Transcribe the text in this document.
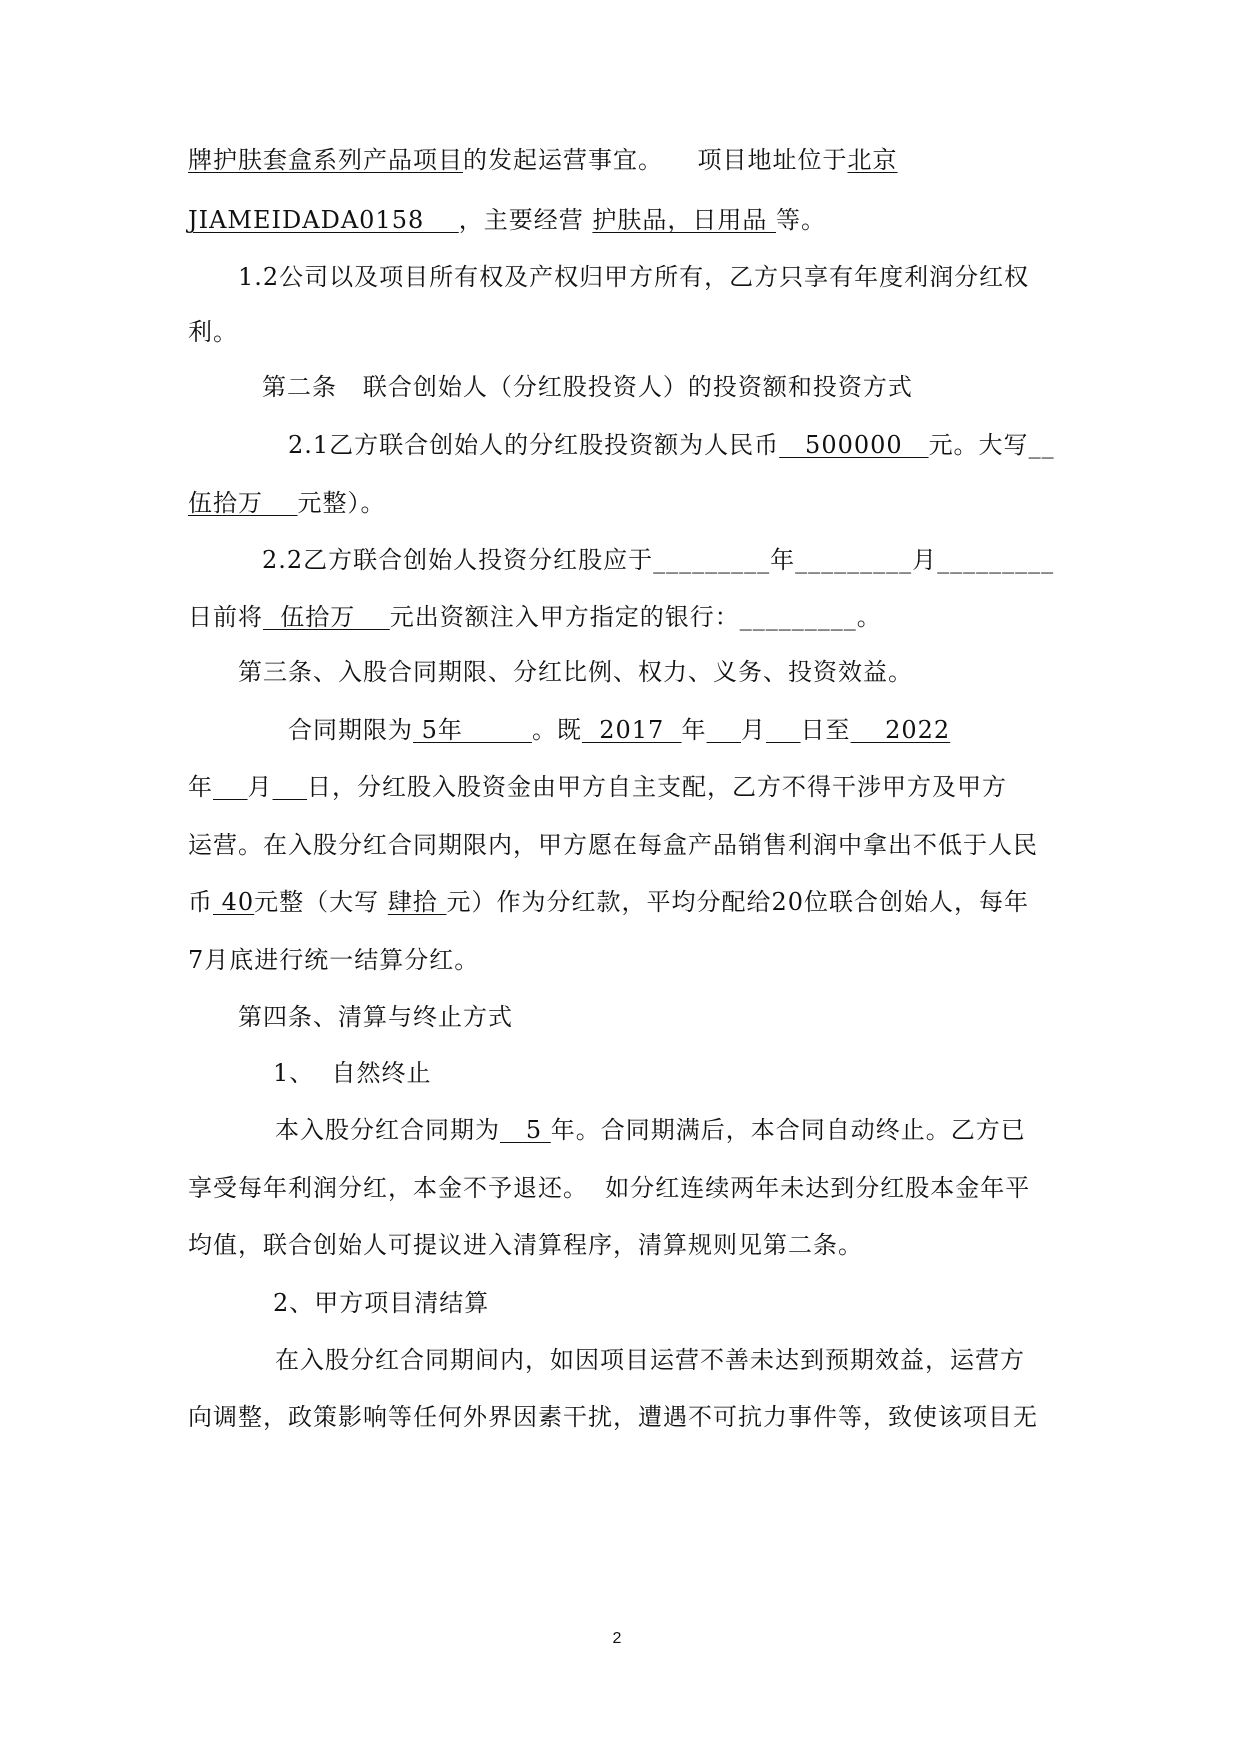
牌护肤套盒系列产品项目的发起运营事宜。    项目地址位于北京
JIAMEIDADA0158    ，主要经营 护肤品，日用品 等。
1.2公司以及项目所有权及产权归甲方所有，乙方只享有年度利润分红权
利。
第二条   联合创始人（分红股投资人）的投资额和投资方式
2.1乙方联合创始人的分红股投资额为人民币   500000   元。大写__
伍拾万    元整）。
2.2乙方联合创始人投资分红股应于_________年_________月_________
日前将  伍拾万    元出资额注入甲方指定的银行：_________。
第三条、入股合同期限、分红比例、权力、义务、投资效益。
合同期限为 5年        。既  2017  年 月 日至    2022
年 月 日，分红股入股资金由甲方自主支配，乙方不得干涉甲方及甲方
运营。在入股分红合同期限内，甲方愿在每盒产品销售利润中拿出不低于人民
币 40元整（大写 肆拾 元）作为分红款，平均分配给20位联合创始人，每年
7月底进行统一结算分红。
第四条、清算与终止方式
1、  自然终止
本入股分红合同期为   5 年。合同期满后，本合同自动终止。乙方已
享受每年利润分红，本金不予退还。  如分红连续两年未达到分红股本金年平
均值，联合创始人可提议进入清算程序，清算规则见第二条。
2、甲方项目清结算
在入股分红合同期间内，如因项目运营不善未达到预期效益，运营方
向调整，政策影响等任何外界因素干扰，遭遇不可抗力事件等，致使该项目无
2
